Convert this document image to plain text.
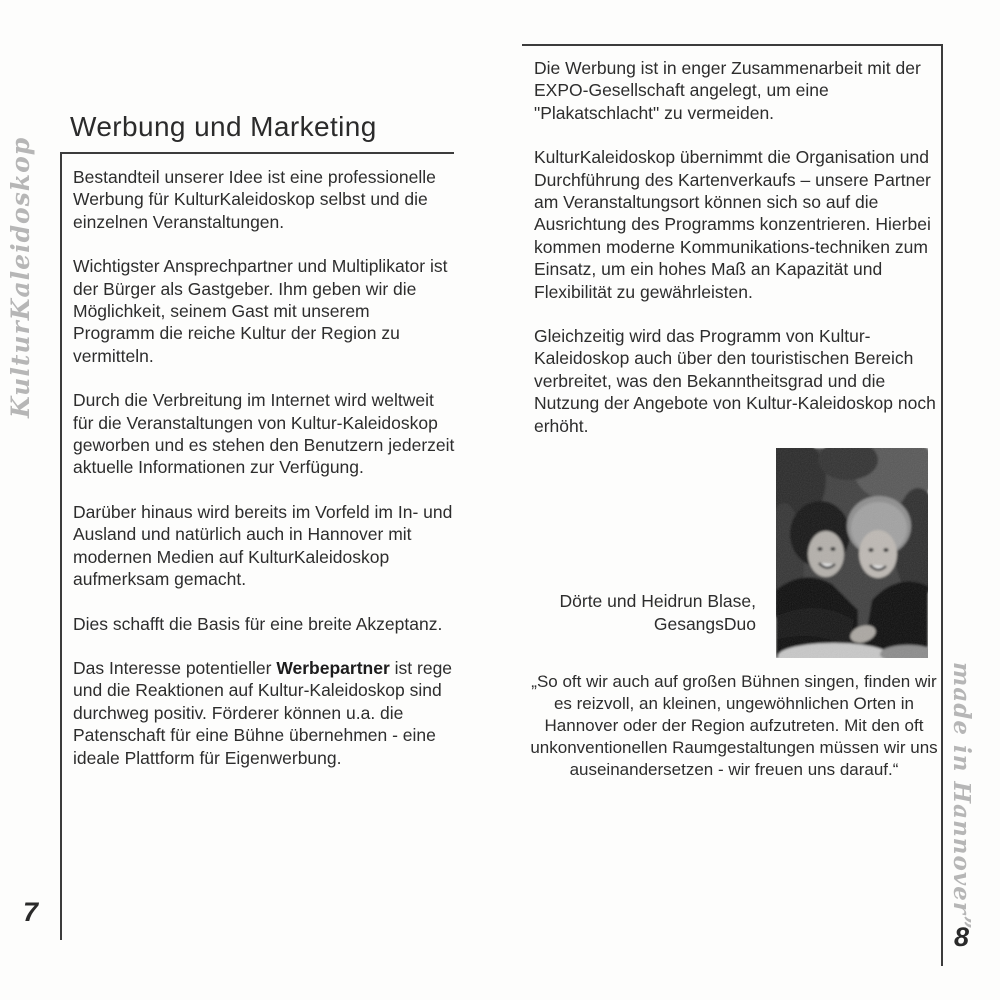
KulturKaleidoskop
Werbung und Marketing

Bestandteil unserer Idee ist eine professionelle Werbung für KulturKaleidoskop selbst und die einzelnen Veranstaltungen.

Wichtigster Ansprechpartner und Multiplikator ist der Bürger als Gastgeber. Ihm geben wir die Möglichkeit, seinem Gast mit unserem Programm die reiche Kultur der Region zu vermitteln.

Durch die Verbreitung im Internet wird weltweit für die Veranstaltungen von Kultur-Kaleidoskop geworben und es stehen den Benutzern jederzeit aktuelle Informationen zur Verfügung.

Darüber hinaus wird bereits im Vorfeld im In- und Ausland und natürlich auch in Hannover mit modernen Medien auf KulturKaleidoskop aufmerksam gemacht.

Dies schafft die Basis für eine breite Akzeptanz.

Das Interesse potentieller Werbepartner ist rege und die Reaktionen auf Kultur-Kaleidoskop sind durchweg positiv. Förderer können u.a. die Patenschaft für eine Bühne übernehmen - eine ideale Plattform für Eigenwerbung.

7

Die Werbung ist in enger Zusammenarbeit mit der EXPO-Gesellschaft angelegt, um eine "Plakatschlacht" zu vermeiden.

KulturKaleidoskop übernimmt die Organisation und Durchführung des Kartenverkaufs – unsere Partner am Veranstaltungsort können sich so auf die Ausrichtung des Programms konzentrieren. Hierbei kommen moderne Kommunikations-techniken zum Einsatz, um ein hohes Maß an Kapazität und Flexibilität zu gewährleisten.

Gleichzeitig wird das Programm von Kultur-Kaleidoskop auch über den touristischen Bereich verbreitet, was den Bekanntheitsgrad und die Nutzung der Angebote von Kultur-Kaleidoskop noch erhöht.

Dörte und Heidrun Blase,
GesangsDuo
„So oft wir auch auf großen Bühnen singen, finden wir es reizvoll, an kleinen, ungewöhnlichen Orten in Hannover oder der Region aufzutreten. Mit den oft unkonventionellen Raumgestaltungen müssen wir uns auseinandersetzen - wir freuen uns darauf.“	made in Hannover”
8
